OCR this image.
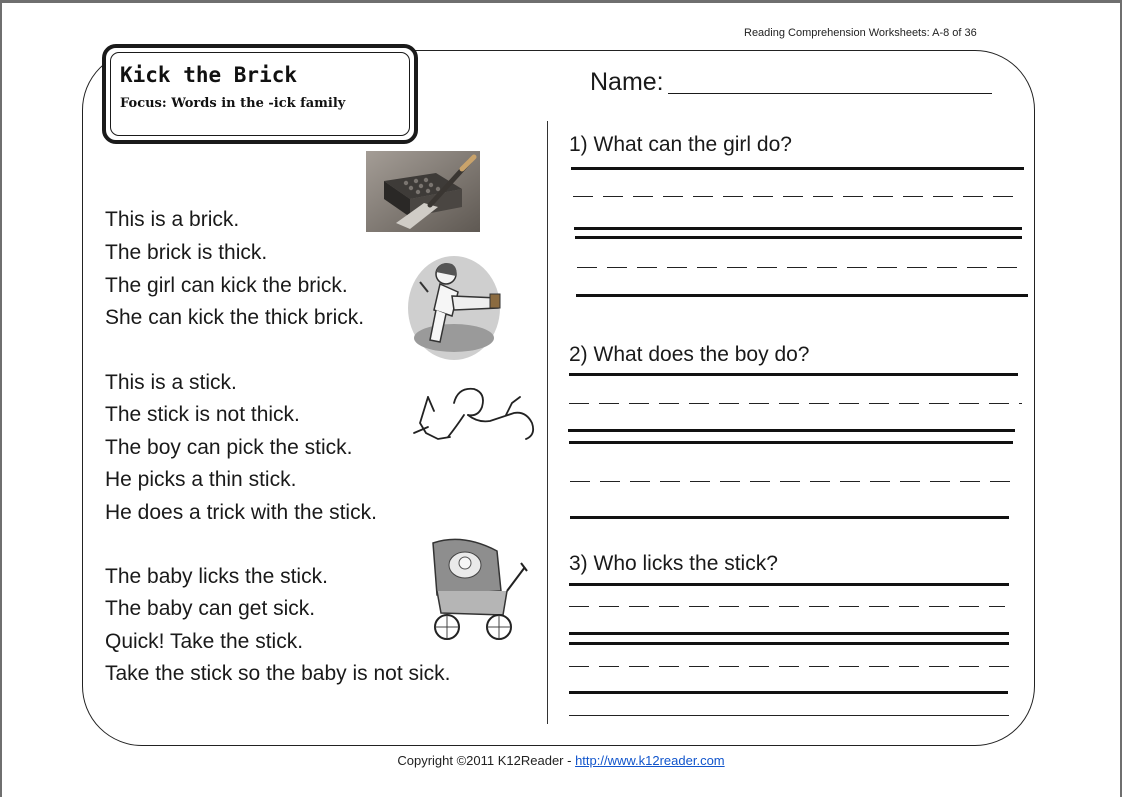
Reading Comprehension Worksheets: A-8 of 36
Kick the Brick
Focus: Words in the -ick family
Name:
This is a brick.
The brick is thick.
The girl can kick the brick.
She can kick the thick brick.
This is a stick.
The stick is not thick.
The boy can pick the stick.
He picks a thin stick.
He does a trick with the stick.
The baby licks the stick.
The baby can get sick.
Quick! Take the stick.
Take the stick so the baby is not sick.
1) What can the girl do?
2) What does the boy do?
3) Who licks the stick?
Copyright ©2011 K12Reader - http://www.k12reader.com
